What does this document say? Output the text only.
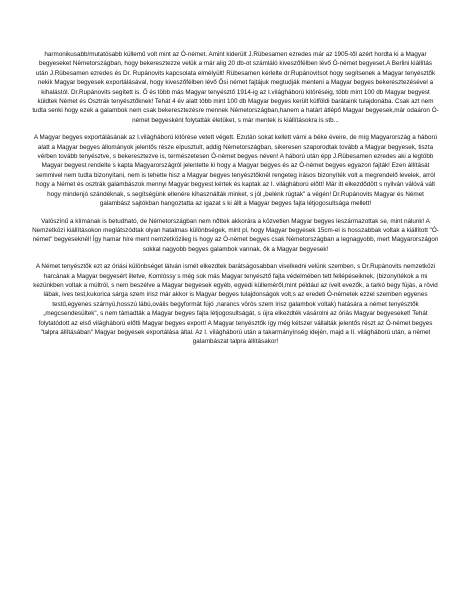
harmonikusabb/mutatósabb küllemű volt mint az Ó-német. Amint kiderült J.Rübesamen ezredes már az 1905-től azért hordta ki a Magyar begyeseket Németországban, hogy bekeresztezze velük a már alig 20 db-ot számláló kiveszőfélben lévő Ó-német begyeset.A Berlini kiállítás után J.Rübesamen ezredes és Dr. Rupánovits kapcsolata elmélyült! Rübesamen kérlelte dr.Rupánovitsot hogy segítsenek a Magyar tenyésztők nekik Magyar begyesek exportálásával, hogy kiveszőfélben lévő Ősi német fajtájuk megtudják menteni a Magyar begyes bekeresztezésével a kihalástól. Dr.Rupánovits segített is. Ő és több más Magyar tenyésztő 1914-ig az I.világháború kitöréséig, több mint 100 db Magyar begyest küldtek Német és Osztrák tenyésztőknek! Tehát 4 év alatt több mint 100 db Magyar begyes került külföldi barátaink tulajdonába. Csak azt nem tudta senki hogy ezek a galambok nem csak bekeresztezésre mennek Németországban,hanem a határt átlépő Magyar begyesek,már odaáron Ó-német begyesként folytatták életüket, s már mentek is kiállításokra is stb...

A Magyar begyes exportálásának az I.világháború kitörése vetett végett. Ezután sokat kellett várni a béke éveire, de míg Magyarország a háború alatt a Magyar begyes állományok jelentős része elpusztult, addig Németországban, sikeresen szaporodtak tovább a Magyar begyesek, tiszta vérben tovább tenyésztve, s bekeresztezve is, természetesen Ó-német begyes néven! A háború után épp J.Rübesamen ezredes aki a legtöbb Magyar begyest rendelte s kapta Magyarországról jelentette ki hogy a Magyar begyes és az Ó-német begyes egyazon fajták! Ezen állítását semmivel nem tudta bizonyítani, nem is tehette hisz a Magyar begyes tenyésztőknél rengeteg írásos bizonyíték volt a megrendelő levelek, arról hogy a Német és osztrák galambászok mennyi Magyar begyest kértek és kaptak az I. világháború előtt! Már itt elkezdődött s nyilván válóvá vált hogy mindenjó szándéknak, s segítségünk ellenére kihasználták minket, s jól „belénk rúgtak" a végén! Dr.Rupánovits Magyar és Német galambász sajtókban hangoztatta az igazat s ki állt a Magyar begyes fajta létjogosultsága mellett!

Valószínű a klímának is betudható, de Németországban nem nőttek akkorára a közvetlen Magyar begyes leszármazottak se, mint nálunk! A Nemzetközi kiállításokon meglátszódtak olyan hatalmas különbségek, mint pl, hogy Magyar begyesek 15cm-el is hosszabbak voltak a kiállított "Ó-német" begyeseknél! Így hamar híre ment nemzetközileg is hogy az Ó-német begyes csak Németországban a legnagyobb, mert Magyarországon sokkal nagyobb begyes galambok vannak, ők a Magyar begyesek!

A Német tenyésztők ezt az óriási különbséget látván ismét elkezdtek barátságosabban viselkedni velünk szemben, s Dr.Rupánovits nemzetközi harcának a Magyar begyesért illetve, Komlóssy s még sok más Magyar tenyésztő fajta védelmében tett fellépéseiknek, (bizonyítékok a mi kezünkben voltak a múltról, s nem beszélve a Magyar begyesek egyéb, egyedi külleméről,mint például az ívelt evezők, a tarkó begy fújás, a rövid lábak, ives test,kukorica sárga szem írisz már akkor is Magyar begyes tulajdonságok volt,s az eredeti Ó-németek ezzel szemben egyenes testű,egyenes szárnyú,hosszú lábú,ovális begyformát fújó ,narancs vörös szem írisz galambok voltak) hatására a német tenyésztők „megcsendesültek", s nem támadták a Magyar begyes fajta létjogosultságát, s újra elkezdték vásárolni az óriás Magyar begyeseket! Tehát folytatódott az első világháború előtti Magyar begyes export! A Magyar tenyésztők így még kétszer vállalták jelentős részt az Ó-német begyes "talpra állításában" Magyar begyesek exportálása által. Az I. világháború után a takarmányínség idején, majd a II. világháború után, a német galambászat talpra állításakor!
